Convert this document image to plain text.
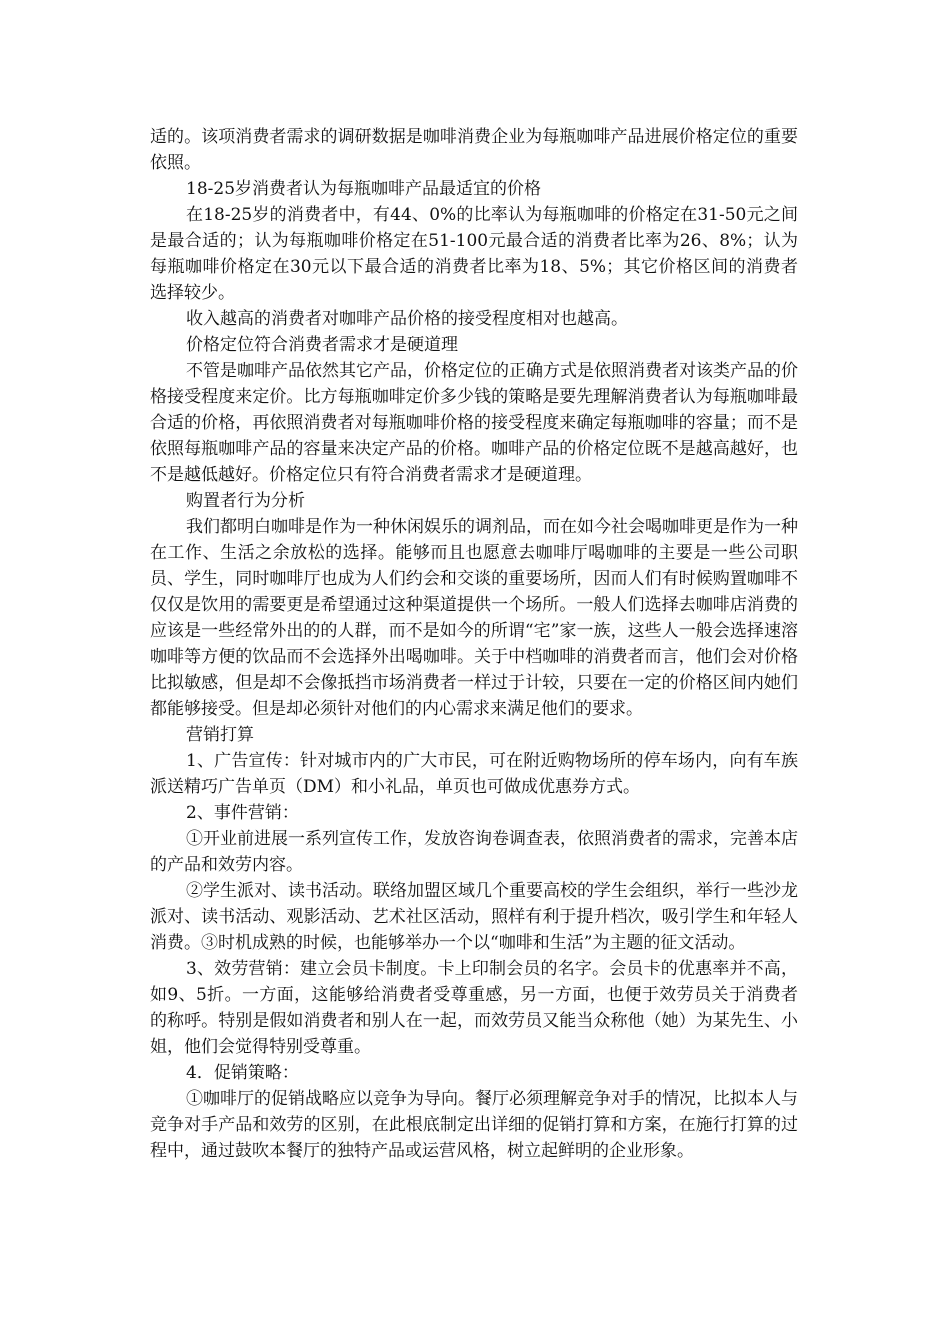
适的。该项消费者需求的调研数据是咖啡消费企业为每瓶咖啡产品进展价格定位的重要依照。

18-25岁消费者认为每瓶咖啡产品最适宜的价格

在18-25岁的消费者中，有44、0%的比率认为每瓶咖啡的价格定在31-50元之间是最合适的；认为每瓶咖啡价格定在51-100元最合适的消费者比率为26、8%；认为每瓶咖啡价格定在30元以下最合适的消费者比率为18、5%；其它价格区间的消费者选择较少。

收入越高的消费者对咖啡产品价格的接受程度相对也越高。

价格定位符合消费者需求才是硬道理

不管是咖啡产品依然其它产品，价格定位的正确方式是依照消费者对该类产品的价格接受程度来定价。比方每瓶咖啡定价多少钱的策略是要先理解消费者认为每瓶咖啡最合适的价格，再依照消费者对每瓶咖啡价格的接受程度来确定每瓶咖啡的容量；而不是依照每瓶咖啡产品的容量来决定产品的价格。咖啡产品的价格定位既不是越高越好，也不是越低越好。价格定位只有符合消费者需求才是硬道理。

购置者行为分析

我们都明白咖啡是作为一种休闲娱乐的调剂品，而在如今社会喝咖啡更是作为一种在工作、生活之余放松的选择。能够而且也愿意去咖啡厅喝咖啡的主要是一些公司职员、学生，同时咖啡厅也成为人们约会和交谈的重要场所，因而人们有时候购置咖啡不仅仅是饮用的需要更是希望通过这种渠道提供一个场所。一般人们选择去咖啡店消费的应该是一些经常外出的的人群，而不是如今的所谓“宅”家一族，这些人一般会选择速溶咖啡等方便的饮品而不会选择外出喝咖啡。关于中档咖啡的消费者而言，他们会对价格比拟敏感，但是却不会像抵挡市场消费者一样过于计较，只要在一定的价格区间内她们都能够接受。但是却必须针对他们的内心需求来满足他们的要求。

营销打算

1、广告宣传：针对城市内的广大市民，可在附近购物场所的停车场内，向有车族派送精巧广告单页（DM）和小礼品，单页也可做成优惠券方式。

2、事件营销：

①开业前进展一系列宣传工作，发放咨询卷调查表，依照消费者的需求，完善本店的产品和效劳内容。

②学生派对、读书活动。联络加盟区域几个重要高校的学生会组织，举行一些沙龙派对、读书活动、观影活动、艺术社区活动，照样有利于提升档次，吸引学生和年轻人消费。③时机成熟的时候，也能够举办一个以“咖啡和生活”为主题的征文活动。

3、效劳营销：建立会员卡制度。卡上印制会员的名字。会员卡的优惠率并不高，如9、5折。一方面，这能够给消费者受尊重感，另一方面，也便于效劳员关于消费者的称呼。特别是假如消费者和别人在一起，而效劳员又能当众称他（她）为某先生、小姐，他们会觉得特别受尊重。

4．促销策略：

①咖啡厅的促销战略应以竞争为导向。餐厅必须理解竞争对手的情况，比拟本人与竞争对手产品和效劳的区别，在此根底制定出详细的促销打算和方案，在施行打算的过程中，通过鼓吹本餐厅的独特产品或运营风格，树立起鲜明的企业形象。
